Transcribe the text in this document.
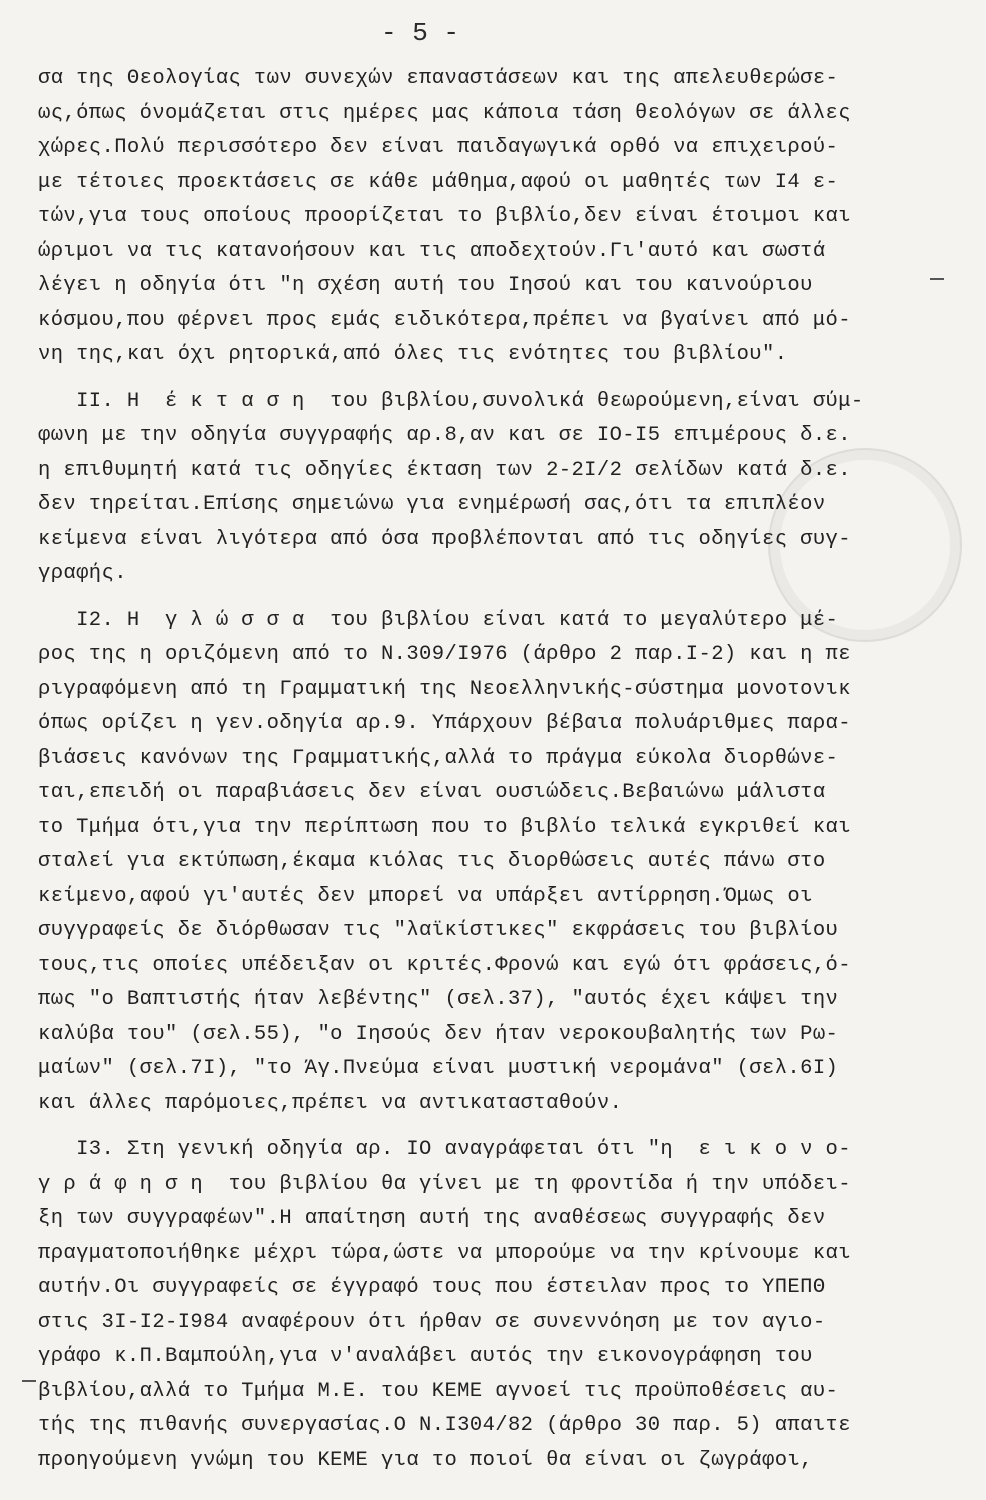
- 5 -
σα της Θεολογίας των συνεχών επαναστάσεων και της απελευθερώσε-
ως,όπως όνομάζεται στις ημέρες μας κάποια τάση θεολόγων σε άλλες
χώρες.Πολύ περισσότερο δεν είναι παιδαγωγικά ορθό να επιχειρού-
με τέτοιες προεκτάσεις σε κάθε μάθημα,αφού οι μαθητές των Ι4 ε-
τών,για τους οποίους προορίζεται το βιβλίο,δεν είναι έτοιμοι και
ώριμοι να τις κατανοήσουν και τις αποδεχτούν.Γι'αυτό και σωστά
λέγει η οδηγία ότι "η σχέση αυτή του Ιησού και του καινούριου
κόσμου,που φέρνει προς εμάς ειδικότερα,πρέπει να βγαίνει από μό-
νη της,και όχι ρητορικά,από όλες τις ενότητες του βιβλίου".
ΙΙ. Η  έ κ τ α σ η  του βιβλίου,συνολικά θεωρούμενη,είναι σύμ-
φωνη με την οδηγία συγγραφής αρ.8,αν και σε ΙΟ-Ι5 επιμέρους δ.ε.
η επιθυμητή κατά τις οδηγίες έκταση των 2-2Ι/2 σελίδων κατά δ.ε.
δεν τηρείται.Επίσης σημειώνω για ενημέρωσή σας,ότι τα επιπλέον
κείμενα είναι λιγότερα από όσα προβλέπονται από τις οδηγίες συγ-
γραφής.
Ι2. Η  γ λ ώ σ σ α  του βιβλίου είναι κατά το μεγαλύτερο μέ-
ρος της η οριζόμενη από το Ν.309/Ι976 (άρθρο 2 παρ.Ι-2) και η πε
ριγραφόμενη από τη Γραμματική της Νεοελληνικής-σύστημα μονοτονικ
όπως ορίζει η γεν.οδηγία αρ.9. Υπάρχουν βέβαια πολυάριθμες παρα-
βιάσεις κανόνων της Γραμματικής,αλλά το πράγμα εύκολα διορθώνε-
ται,επειδή οι παραβιάσεις δεν είναι ουσιώδεις.Βεβαιώνω μάλιστα
το Τμήμα ότι,για την περίπτωση που το βιβλίο τελικά εγκριθεί και
σταλεί για εκτύπωση,έκαμα κιόλας τις διορθώσεις αυτές πάνω στο
κείμενο,αφού γι'αυτές δεν μπορεί να υπάρξει αντίρρηση.Όμως οι
συγγραφείς δε διόρθωσαν τις "λαϊκίστικες" εκφράσεις του βιβλίου
τους,τις οποίες υπέδειξαν οι κριτές.Φρονώ και εγώ ότι φράσεις,ό-
πως "ο Βαπτιστής ήταν λεβέντης" (σελ.37), "αυτός έχει κάψει την
καλύβα του" (σελ.55), "ο Ιησούς δεν ήταν νεροκουβαλητής των Ρω-
μαίων" (σελ.7Ι), "το Άγ.Πνεύμα είναι μυστική νερομάνα" (σελ.6Ι)
και άλλες παρόμοιες,πρέπει να αντικατασταθούν.
Ι3. Στη γενική οδηγία αρ. ΙΟ αναγράφεται ότι "η  ε ι κ ο ν ο-
γ ρ ά φ η σ η  του βιβλίου θα γίνει με τη φροντίδα ή την υπόδει-
ξη των συγγραφέων".Η απαίτηση αυτή της αναθέσεως συγγραφής δεν
πραγματοποιήθηκε μέχρι τώρα,ώστε να μπορούμε να την κρίνουμε και
αυτήν.Οι συγγραφείς σε έγγραφό τους που έστειλαν προς το ΥΠΕΠΘ
στις 3Ι-Ι2-Ι984 αναφέρουν ότι ήρθαν σε συνεννόηση με τον αγιο-
γράφο κ.Π.Βαμπούλη,για ν'αναλάβει αυτός την εικονογράφηση του
βιβλίου,αλλά το Τμήμα Μ.Ε. του ΚΕΜΕ αγνοεί τις προϋποθέσεις αυ-
τής της πιθανής συνεργασίας.Ο Ν.Ι304/82 (άρθρο 30 παρ. 5) απαιτε
προηγούμενη γνώμη του ΚΕΜΕ για το ποιοί θα είναι οι ζωγράφοι,
